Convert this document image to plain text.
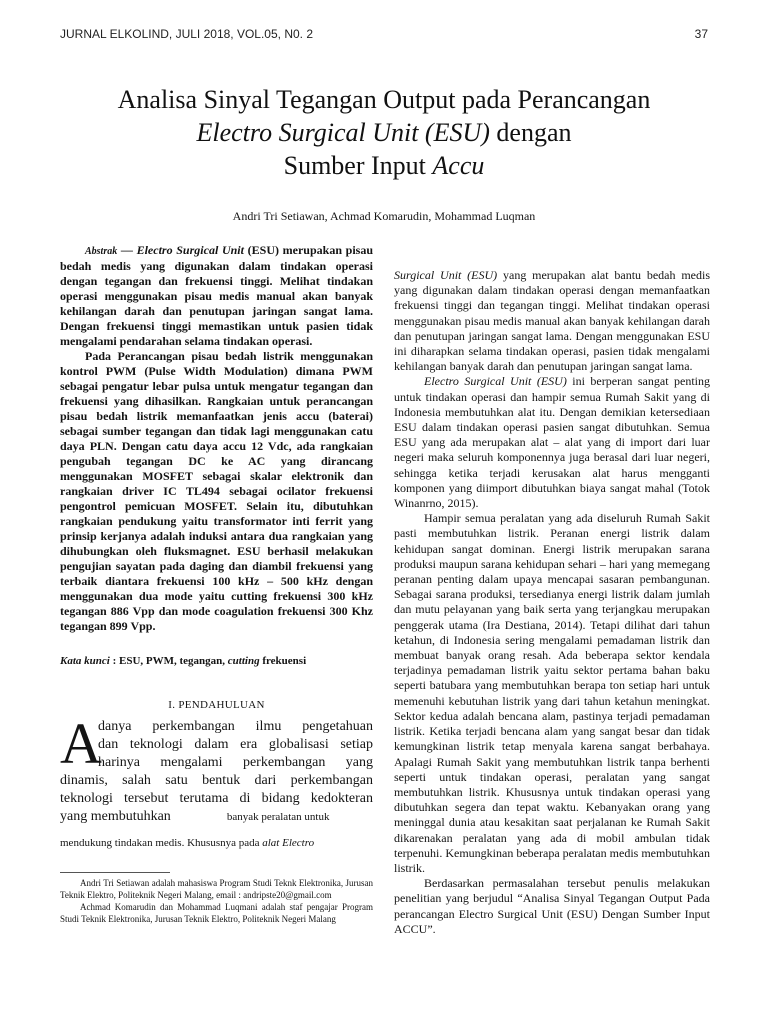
JURNAL ELKOLIND, JULI 2018, VOL.05, N0. 2	37
Analisa Sinyal Tegangan Output pada Perancangan
Electro Surgical Unit (ESU) dengan
Sumber Input Accu
Andri Tri Setiawan, Achmad Komarudin, Mohammad Luqman

Abstrak — Electro Surgical Unit (ESU) merupakan pisau bedah medis yang digunakan dalam tindakan operasi dengan tegangan dan frekuensi tinggi. Melihat tindakan operasi menggunakan pisau medis manual akan banyak kehilangan darah dan penutupan jaringan sangat lama. Dengan frekuensi tinggi memastikan untuk pasien tidak mengalami pendarahan selama tindakan operasi.

Pada Perancangan pisau bedah listrik menggunakan kontrol PWM (Pulse Width Modulation) dimana PWM sebagai pengatur lebar pulsa untuk mengatur tegangan dan frekuensi yang dihasilkan. Rangkaian untuk perancangan pisau bedah listrik memanfaatkan jenis accu (baterai) sebagai sumber tegangan dan tidak lagi menggunakan catu daya PLN. Dengan catu daya accu 12 Vdc, ada rangkaian pengubah tegangan DC ke AC yang dirancang menggunakan MOSFET sebagai skalar elektronik dan rangkaian driver IC TL494 sebagai ocilator frekuensi pengontrol pemicuan MOSFET. Selain itu, dibutuhkan rangkaian pendukung yaitu transformator inti ferrit yang prinsip kerjanya adalah induksi antara dua rangkaian yang dihubungkan oleh fluksmagnet. ESU berhasil melakukan pengujian sayatan pada daging dan diambil frekuensi yang terbaik diantara frekuensi 100 kHz – 500 kHz dengan menggunakan dua mode yaitu cutting frekuensi 300 kHz tegangan 886 Vpp dan mode coagulation frekuensi 300 Khz tegangan 899 Vpp.

Kata kunci : ESU, PWM, tegangan, cutting frekuensi
I. PENDAHULUAN
A
danya perkembangan ilmu pengetahuan
dan teknologi dalam era globalisasi setiap
harinya mengalami perkembangan yang
dinamis, salah satu bentuk dari perkembangan
teknologi tersebut terutama di bidang kedokteran
yang membutuhkan	banyak peralatan untuk
mendukung tindakan medis. Khususnya pada alat Electro

Andri Tri Setiawan adalah mahasiswa Program Studi Teknk Elektronika, Jurusan Teknik Elektro, Politeknik Negeri Malang, email : andripste20@gmail.com

Achmad Komarudin dan Mohammad Luqmani adalah staf pengajar Program Studi Teknik Elektronika, Jurusan Teknik Elektro, Politeknik Negeri Malang

Surgical Unit (ESU) yang merupakan alat bantu bedah medis yang digunakan dalam tindakan operasi dengan memanfaatkan frekuensi tinggi dan tegangan tinggi. Melihat tindakan operasi menggunakan pisau medis manual akan banyak kehilangan darah dan penutupan jaringan sangat lama. Dengan menggunakan ESU ini diharapkan selama tindakan operasi, pasien tidak mengalami kehilangan banyak darah dan penutupan jaringan sangat lama.

Electro Surgical Unit (ESU) ini berperan sangat penting untuk tindakan operasi dan hampir semua Rumah Sakit yang di Indonesia membutuhkan alat itu. Dengan demikian ketersediaan ESU dalam tindakan operasi pasien sangat dibutuhkan. Semua ESU yang ada merupakan alat – alat yang di import dari luar negeri maka seluruh komponennya juga berasal dari luar negeri, sehingga ketika terjadi kerusakan alat harus mengganti komponen yang diimport dibutuhkan biaya sangat mahal (Totok Winanrno, 2015).

Hampir semua peralatan yang ada diseluruh Rumah Sakit pasti membutuhkan listrik. Peranan energi listrik dalam kehidupan sangat dominan. Energi listrik merupakan sarana produksi maupun sarana kehidupan sehari – hari yang memegang peranan penting dalam upaya mencapai sasaran pembangunan. Sebagai sarana produksi, tersedianya energi listrik dalam jumlah dan mutu pelayanan yang baik serta yang terjangkau merupakan penggerak utama (Ira Destiana, 2014). Tetapi dilihat dari tahun ketahun, di Indonesia sering mengalami pemadaman listrik dan membuat banyak orang resah. Ada beberapa sektor kendala terjadinya pemadaman listrik yaitu sektor pertama bahan baku seperti batubara yang membutuhkan berapa ton setiap hari untuk memenuhi kebutuhan listrik yang dari tahun ketahun meningkat. Sektor kedua adalah bencana alam, pastinya terjadi pemadaman listrik. Ketika terjadi bencana alam yang sangat besar dan tidak kemungkinan listrik tetap menyala karena sangat berbahaya. Apalagi Rumah Sakit yang membutuhkan listrik tanpa berhenti seperti untuk tindakan operasi, peralatan yang sangat membutuhkan listrik. Khususnya untuk tindakan operasi yang dibutuhkan segera dan tepat waktu. Kebanyakan orang yang meninggal dunia atau kesakitan saat perjalanan ke Rumah Sakit dikarenakan peralatan yang ada di mobil ambulan tidak terpenuhi. Kemungkinan beberapa peralatan medis membutuhkan listrik.

Berdasarkan permasalahan tersebut penulis melakukan penelitian yang berjudul “Analisa Sinyal Tegangan Output Pada perancangan Electro Surgical Unit (ESU) Dengan Sumber Input ACCU”.
